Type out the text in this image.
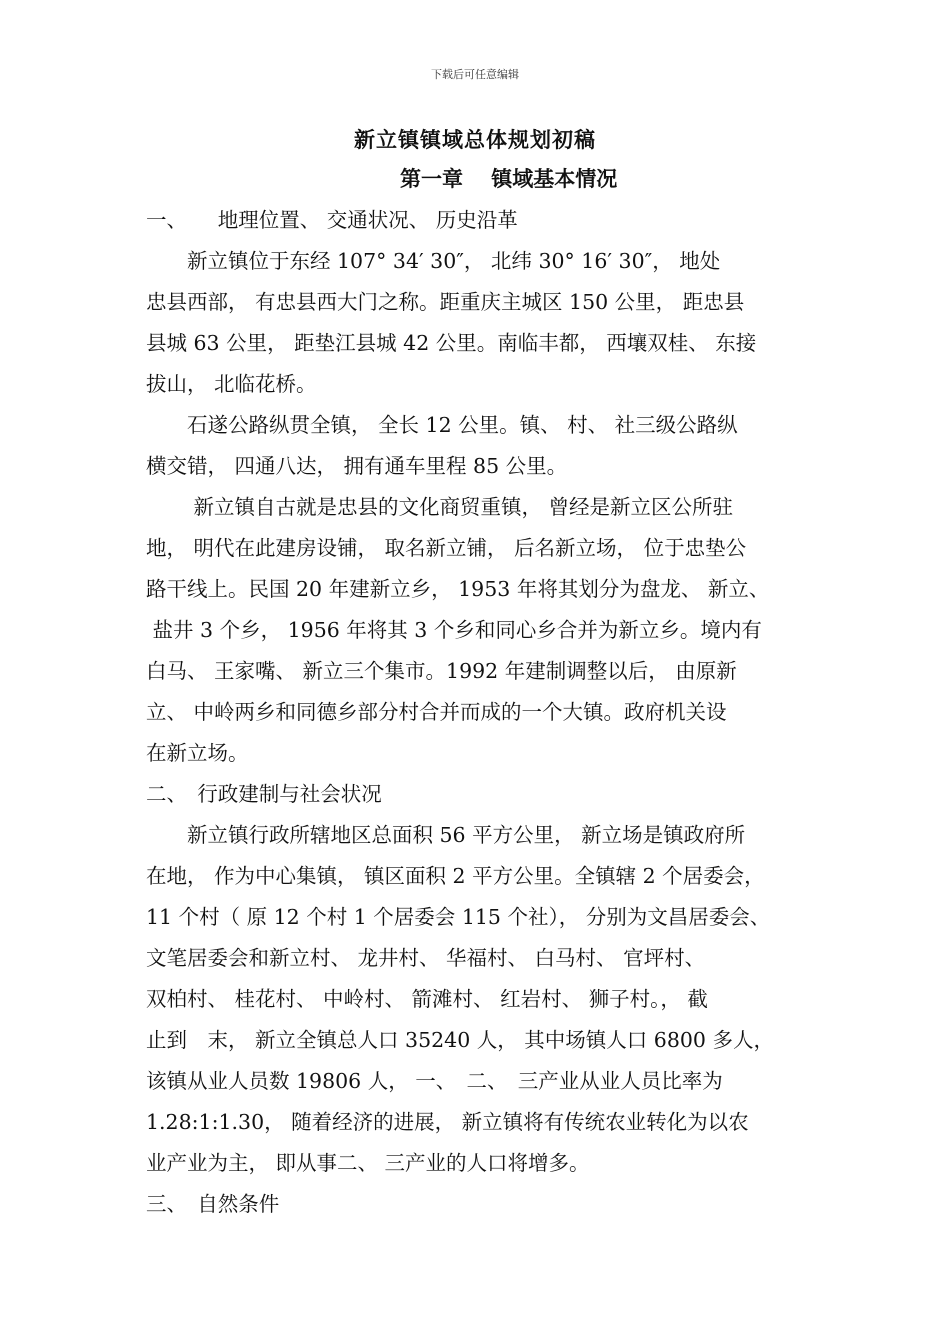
下载后可任意编辑
新立镇镇域总体规划初稿
第一章　 镇域基本情况
一、　　地理位置、 交通状况、 历史沿革
　　新立镇位于东经 107° 34′ 30″， 北纬 30° 16′ 30″， 地处
忠县西部， 有忠县西大门之称。距重庆主城区 150 公里， 距忠县
县城 63 公里， 距垫江县城 42 公里。南临丰都， 西壤双桂、 东接
拔山， 北临花桥。
　　石遂公路纵贯全镇， 全长 12 公里。镇、 村、 社三级公路纵
横交错， 四通八达， 拥有通车里程 85 公里。
　　 新立镇自古就是忠县的文化商贸重镇， 曾经是新立区公所驻
地， 明代在此建房设铺， 取名新立铺， 后名新立场， 位于忠垫公
路干线上。民国 20 年建新立乡， 1953 年将其划分为盘龙、 新立、
盐井 3 个乡， 1956 年将其 3 个乡和同心乡合并为新立乡。境内有
白马、 王家嘴、 新立三个集市。1992 年建制调整以后， 由原新
立、 中岭两乡和同德乡部分村合并而成的一个大镇。政府机关设
在新立场。
二、　行政建制与社会状况
　　新立镇行政所辖地区总面积 56 平方公里， 新立场是镇政府所
在地， 作为中心集镇， 镇区面积 2 平方公里。全镇辖 2 个居委会，
11 个村（ 原 12 个村 1 个居委会 115 个社）， 分别为文昌居委会、
文笔居委会和新立村、 龙井村、 华福村、 白马村、 官坪村、
双柏村、 桂花村、 中岭村、 箭滩村、 红岩村、 狮子村。， 截
止到　末， 新立全镇总人口 35240 人， 其中场镇人口 6800 多人，
该镇从业人员数 19806 人， 一、　二、　三产业从业人员比率为
1.28:1:1.30， 随着经济的进展， 新立镇将有传统农业转化为以农
业产业为主， 即从事二、 三产业的人口将增多。
三、　自然条件
